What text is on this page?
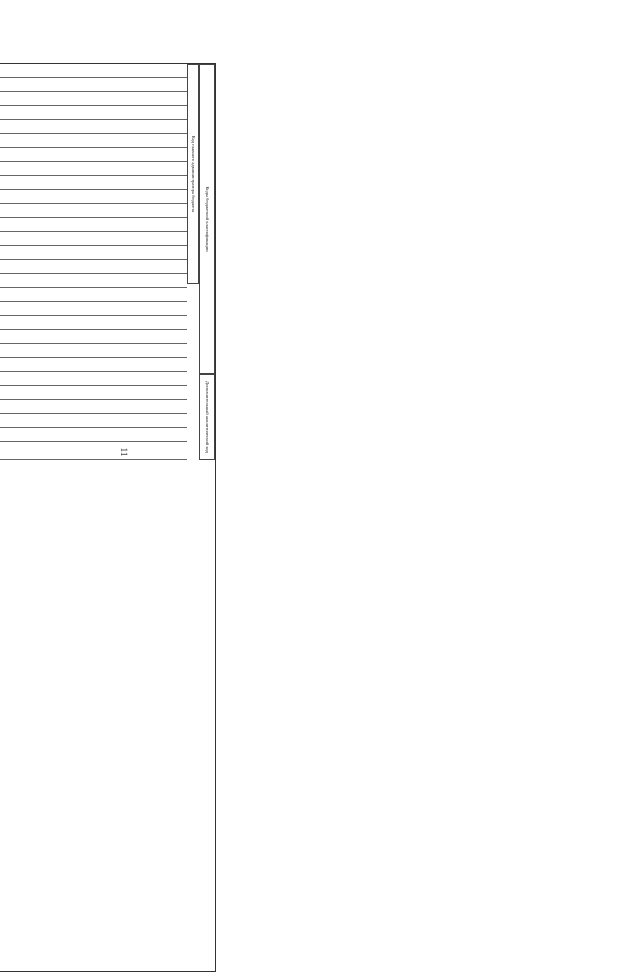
11
Коды бюджетной классификации
Код главного администратора бюджета
Дополнительный аналитический код
